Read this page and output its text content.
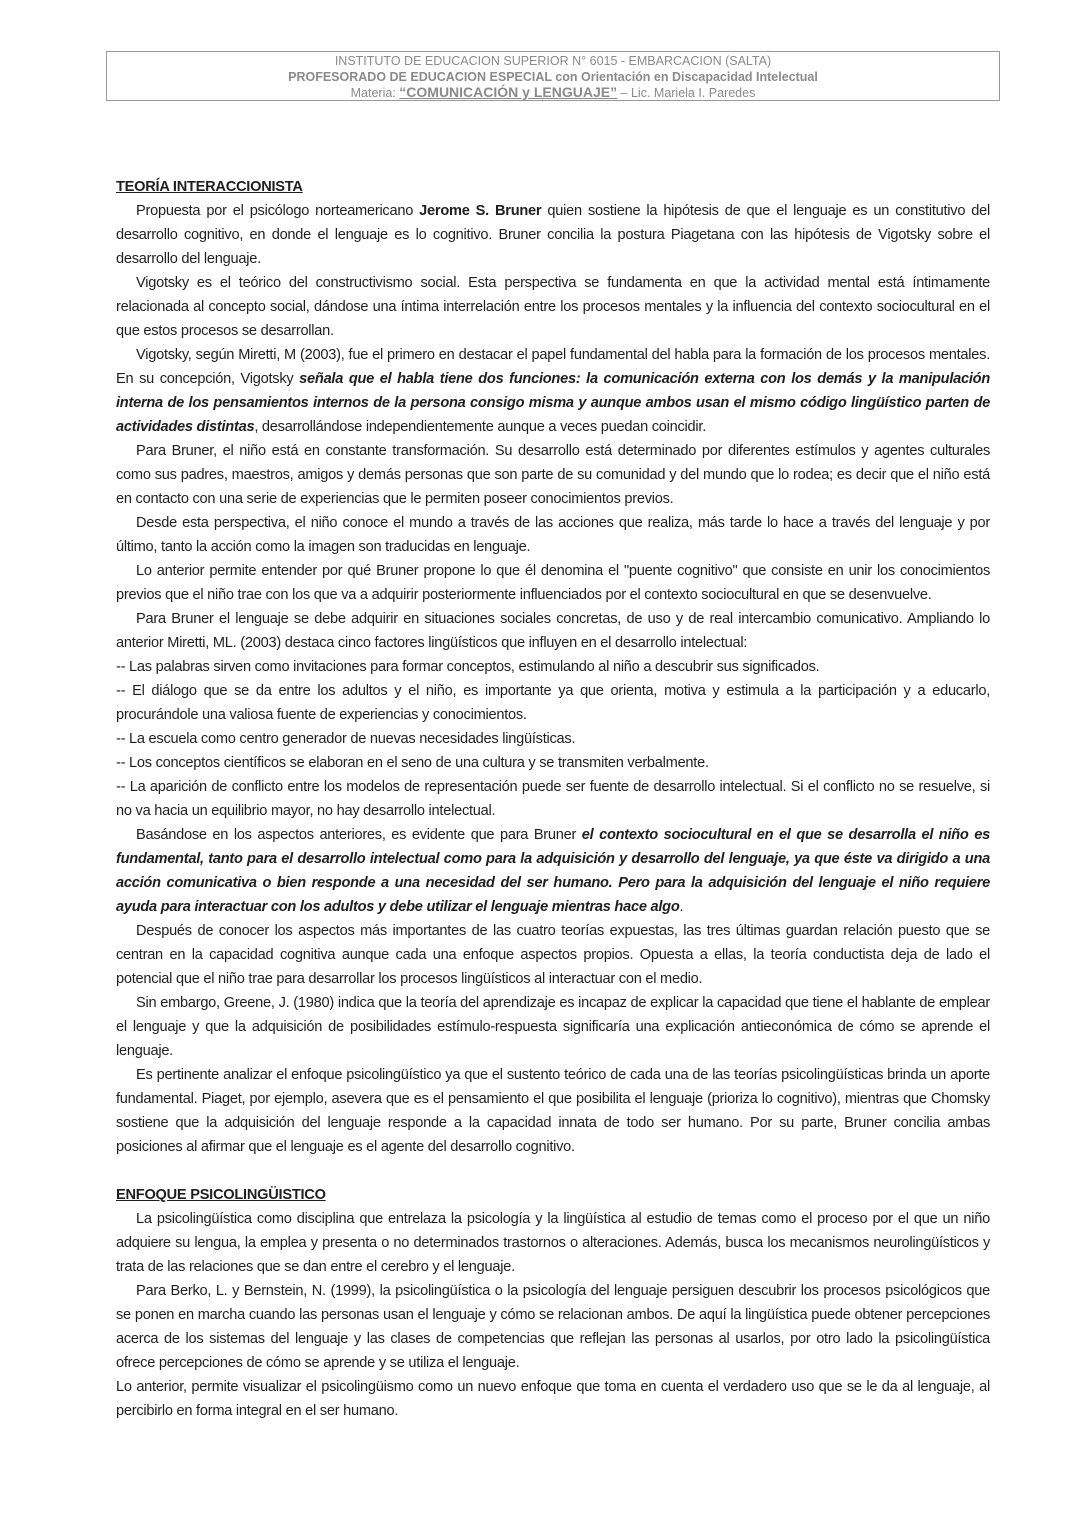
INSTITUTO DE EDUCACION SUPERIOR N° 6015 - EMBARCACION (SALTA)
PROFESORADO DE EDUCACION ESPECIAL con Orientación en Discapacidad Intelectual
Materia: “COMUNICACIÓN y LENGUAJE” – Lic. Mariela I. Paredes

TEORÍA INTERACCIONISTA

Propuesta por el psicólogo norteamericano Jerome S. Bruner quien sostiene la hipótesis de que el lenguaje es un constitutivo del desarrollo cognitivo, en donde el lenguaje es lo cognitivo. Bruner concilia la postura Piagetana con las hipótesis de Vigotsky sobre el desarrollo del lenguaje.

Vigotsky es el teórico del constructivismo social. Esta perspectiva se fundamenta en que la actividad mental está íntimamente relacionada al concepto social, dándose una íntima interrelación entre los procesos mentales y la influencia del contexto sociocultural en el que estos procesos se desarrollan.

Vigotsky, según Miretti, M (2003), fue el primero en destacar el papel fundamental del habla para la formación de los procesos mentales. En su concepción, Vigotsky señala que el habla tiene dos funciones: la comunicación externa con los demás y la manipulación interna de los pensamientos internos de la persona consigo misma y aunque ambos usan el mismo código lingüístico parten de actividades distintas, desarrollándose independientemente aunque a veces puedan coincidir.

Para Bruner, el niño está en constante transformación. Su desarrollo está determinado por diferentes estímulos y agentes culturales como sus padres, maestros, amigos y demás personas que son parte de su comunidad y del mundo que lo rodea; es decir que el niño está en contacto con una serie de experiencias que le permiten poseer conocimientos previos.

Desde esta perspectiva, el niño conoce el mundo a través de las acciones que realiza, más tarde lo hace a través del lenguaje y por último, tanto la acción como la imagen son traducidas en lenguaje.

Lo anterior permite entender por qué Bruner propone lo que él denomina el "puente cognitivo" que consiste en unir los conocimientos previos que el niño trae con los que va a adquirir posteriormente influenciados por el contexto sociocultural en que se desenvuelve.

Para Bruner el lenguaje se debe adquirir en situaciones sociales concretas, de uso y de real intercambio comunicativo. Ampliando lo anterior Miretti, ML. (2003) destaca cinco factores lingüísticos que influyen en el desarrollo intelectual:

-- Las palabras sirven como invitaciones para formar conceptos, estimulando al niño a descubrir sus significados.

-- El diálogo que se da entre los adultos y el niño, es importante ya que orienta, motiva y estimula a la participación y a educarlo, procurándole una valiosa fuente de experiencias y conocimientos.

-- La escuela como centro generador de nuevas necesidades lingüísticas.

-- Los conceptos científicos se elaboran en el seno de una cultura y se transmiten verbalmente.

-- La aparición de conflicto entre los modelos de representación puede ser fuente de desarrollo intelectual. Si el conflicto no se resuelve, si no va hacia un equilibrio mayor, no hay desarrollo intelectual.

Basándose en los aspectos anteriores, es evidente que para Bruner el contexto sociocultural en el que se desarrolla el niño es fundamental, tanto para el desarrollo intelectual como para la adquisición y desarrollo del lenguaje, ya que éste va dirigido a una acción comunicativa o bien responde a una necesidad del ser humano. Pero para la adquisición del lenguaje el niño requiere ayuda para interactuar con los adultos y debe utilizar el lenguaje mientras hace algo.

Después de conocer los aspectos más importantes de las cuatro teorías expuestas, las tres últimas guardan relación puesto que se centran en la capacidad cognitiva aunque cada una enfoque aspectos propios. Opuesta a ellas, la teoría conductista deja de lado el potencial que el niño trae para desarrollar los procesos lingüísticos al interactuar con el medio.

Sin embargo, Greene, J. (1980) indica que la teoría del aprendizaje es incapaz de explicar la capacidad que tiene el hablante de emplear el lenguaje y que la adquisición de posibilidades estímulo-respuesta significaría una explicación antieconómica de cómo se aprende el lenguaje.

Es pertinente analizar el enfoque psicolingüístico ya que el sustento teórico de cada una de las teorías psicolingüísticas brinda un aporte fundamental. Piaget, por ejemplo, asevera que es el pensamiento el que posibilita el lenguaje (prioriza lo cognitivo), mientras que Chomsky sostiene que la adquisición del lenguaje responde a la capacidad innata de todo ser humano. Por su parte, Bruner concilia ambas posiciones al afirmar que el lenguaje es el agente del desarrollo cognitivo.

ENFOQUE PSICOLINGÜISTICO

La psicolingüística como disciplina que entrelaza la psicología y la lingüística al estudio de temas como el proceso por el que un niño adquiere su lengua, la emplea y presenta o no determinados trastornos o alteraciones. Además, busca los mecanismos neurolingüísticos y trata de las relaciones que se dan entre el cerebro y el lenguaje.

Para Berko, L. y Bernstein, N. (1999), la psicolingüística o la psicología del lenguaje persiguen descubrir los procesos psicológicos que se ponen en marcha cuando las personas usan el lenguaje y cómo se relacionan ambos. De aquí la lingüística puede obtener percepciones acerca de los sistemas del lenguaje y las clases de competencias que reflejan las personas al usarlos, por otro lado la psicolingüística ofrece percepciones de cómo se aprende y se utiliza el lenguaje.

Lo anterior, permite visualizar el psicolingüismo como un nuevo enfoque que toma en cuenta el verdadero uso que se le da al lenguaje, al percibirlo en forma integral en el ser humano.
